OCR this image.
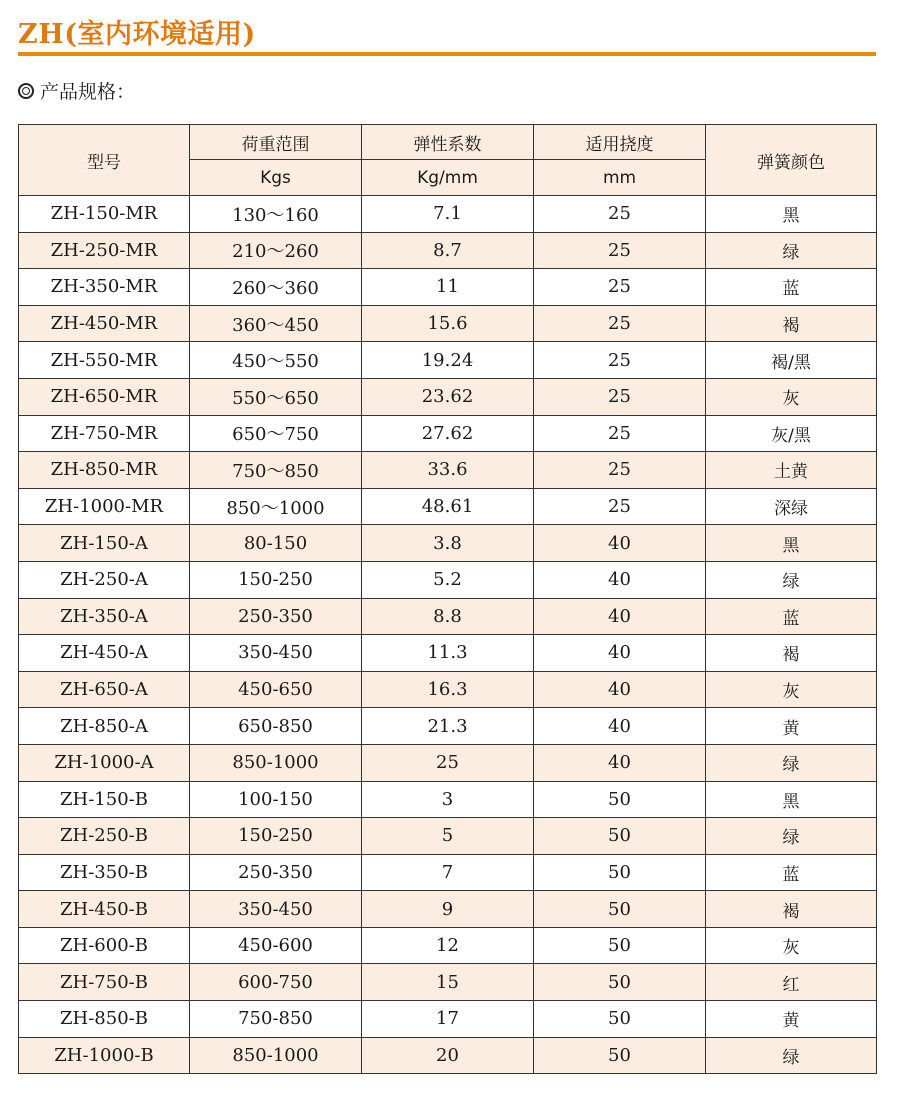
ZH(室内环境适用)
产品规格：
型号	荷重范围	弹性系数	适用挠度	弹簧颜色
	Kgs	Kg/mm	mm	
ZH-150-MR	130～160	7.1	25	黑
ZH-250-MR	210～260	8.7	25	绿
ZH-350-MR	260～360	11	25	蓝
ZH-450-MR	360～450	15.6	25	褐
ZH-550-MR	450～550	19.24	25	褐/黑
ZH-650-MR	550～650	23.62	25	灰
ZH-750-MR	650～750	27.62	25	灰/黑
ZH-850-MR	750～850	33.6	25	土黄
ZH-1000-MR	850～1000	48.61	25	深绿
ZH-150-A	80-150	3.8	40	黑
ZH-250-A	150-250	5.2	40	绿
ZH-350-A	250-350	8.8	40	蓝
ZH-450-A	350-450	11.3	40	褐
ZH-650-A	450-650	16.3	40	灰
ZH-850-A	650-850	21.3	40	黄
ZH-1000-A	850-1000	25	40	绿
ZH-150-B	100-150	3	50	黑
ZH-250-B	150-250	5	50	绿
ZH-350-B	250-350	7	50	蓝
ZH-450-B	350-450	9	50	褐
ZH-600-B	450-600	12	50	灰
ZH-750-B	600-750	15	50	红
ZH-850-B	750-850	17	50	黄
ZH-1000-B	850-1000	20	50	绿
